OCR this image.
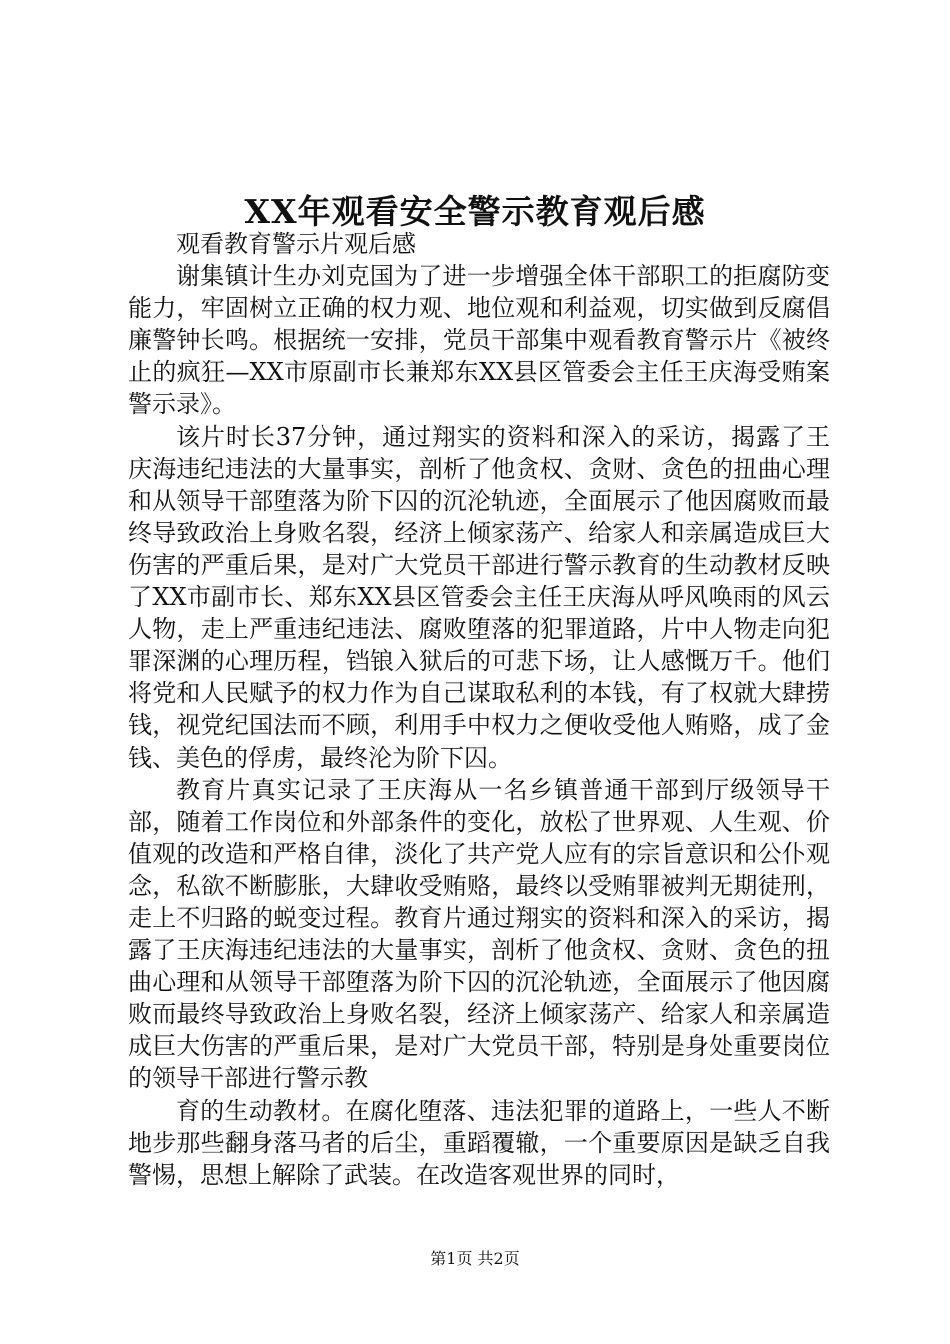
XX年观看安全警示教育观后感

观看教育警示片观后感

谢集镇计生办刘克国为了进一步增强全体干部职工的拒腐防变能力，牢固树立正确的权力观、地位观和利益观，切实做到反腐倡廉警钟长鸣。根据统一安排，党员干部集中观看教育警示片《被终止的疯狂—XX市原副市长兼郑东XX县区管委会主任王庆海受贿案警示录》。

该片时长37分钟，通过翔实的资料和深入的采访，揭露了王庆海违纪违法的大量事实，剖析了他贪权、贪财、贪色的扭曲心理和从领导干部堕落为阶下囚的沉沦轨迹，全面展示了他因腐败而最终导致政治上身败名裂，经济上倾家荡产、给家人和亲属造成巨大伤害的严重后果，是对广大党员干部进行警示教育的生动教材反映了XX市副市长、郑东XX县区管委会主任王庆海从呼风唤雨的风云人物，走上严重违纪违法、腐败堕落的犯罪道路，片中人物走向犯罪深渊的心理历程，铛锒入狱后的可悲下场，让人感慨万千。他们将党和人民赋予的权力作为自己谋取私利的本钱，有了权就大肆捞钱，视党纪国法而不顾，利用手中权力之便收受他人贿赂，成了金钱、美色的俘虏，最终沦为阶下囚。

教育片真实记录了王庆海从一名乡镇普通干部到厅级领导干部，随着工作岗位和外部条件的变化，放松了世界观、人生观、价值观的改造和严格自律，淡化了共产党人应有的宗旨意识和公仆观念，私欲不断膨胀，大肆收受贿赂，最终以受贿罪被判无期徒刑，走上不归路的蜕变过程。教育片通过翔实的资料和深入的采访，揭露了王庆海违纪违法的大量事实，剖析了他贪权、贪财、贪色的扭曲心理和从领导干部堕落为阶下囚的沉沦轨迹，全面展示了他因腐败而最终导致政治上身败名裂，经济上倾家荡产、给家人和亲属造成巨大伤害的严重后果，是对广大党员干部，特别是身处重要岗位的领导干部进行警示教

育的生动教材。在腐化堕落、违法犯罪的道路上，一些人不断地步那些翻身落马者的后尘，重蹈覆辙，一个重要原因是缺乏自我警惕，思想上解除了武装。在改造客观世界的同时，

第1页 共2页
